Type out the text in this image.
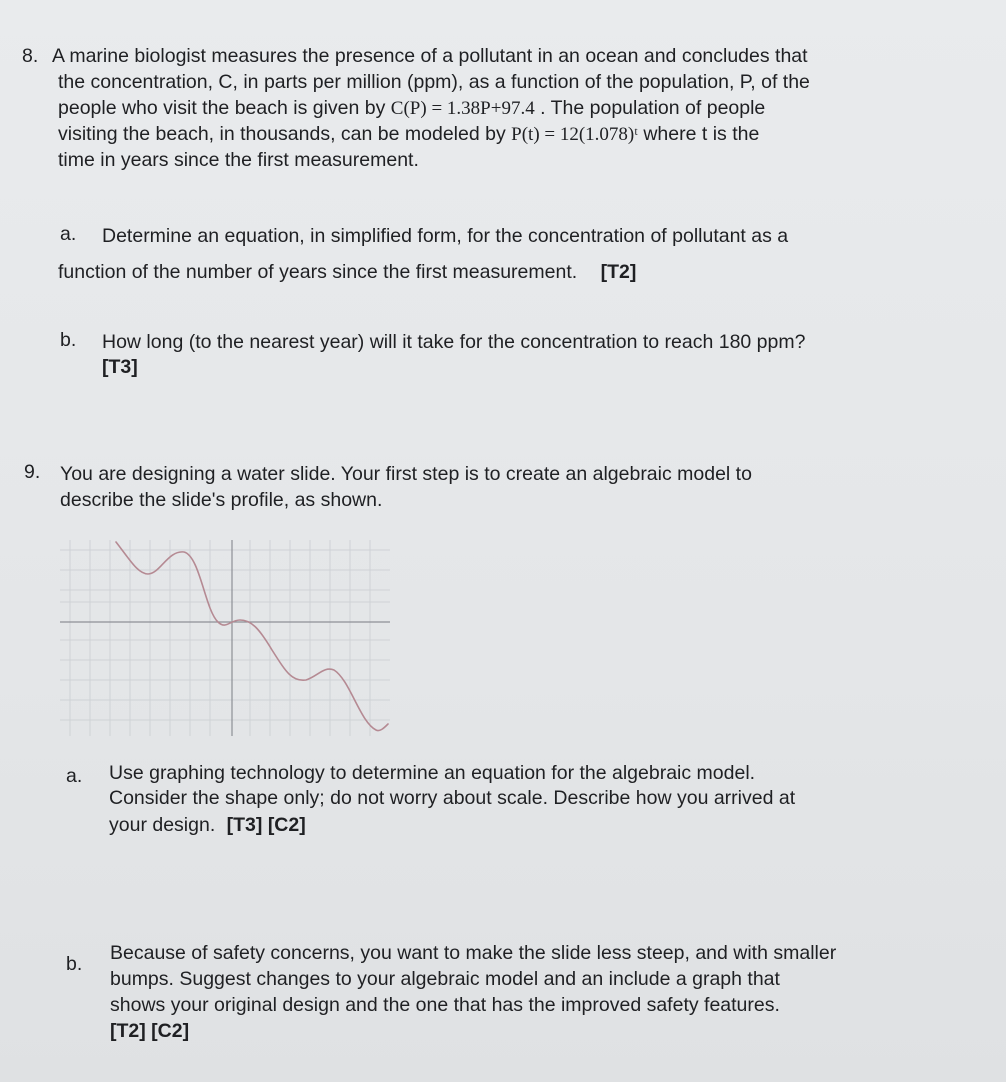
8. A marine biologist measures the presence of a pollutant in an ocean and concludes that
the concentration, C, in parts per million (ppm), as a function of the population, P, of the
people who visit the beach is given by C(P) = 1.38P+97.4 . The population of people
visiting the beach, in thousands, can be modeled by P(t) = 12(1.078)ᵗ where t is the
time in years since the first measurement.
a. Determine an equation, in simplified form, for the concentration of pollutant as a
function of the number of years since the first measurement. [T2]
b. How long (to the nearest year) will it take for the concentration to reach 180 ppm?
[T3]
9. You are designing a water slide. Your first step is to create an algebraic model to
describe the slide's profile, as shown.
a. Use graphing technology to determine an equation for the algebraic model.
Consider the shape only; do not worry about scale. Describe how you arrived at
your design. [T3] [C2]
b. Because of safety concerns, you want to make the slide less steep, and with smaller
bumps. Suggest changes to your algebraic model and an include a graph that
shows your original design and the one that has the improved safety features.
[T2] [C2]
